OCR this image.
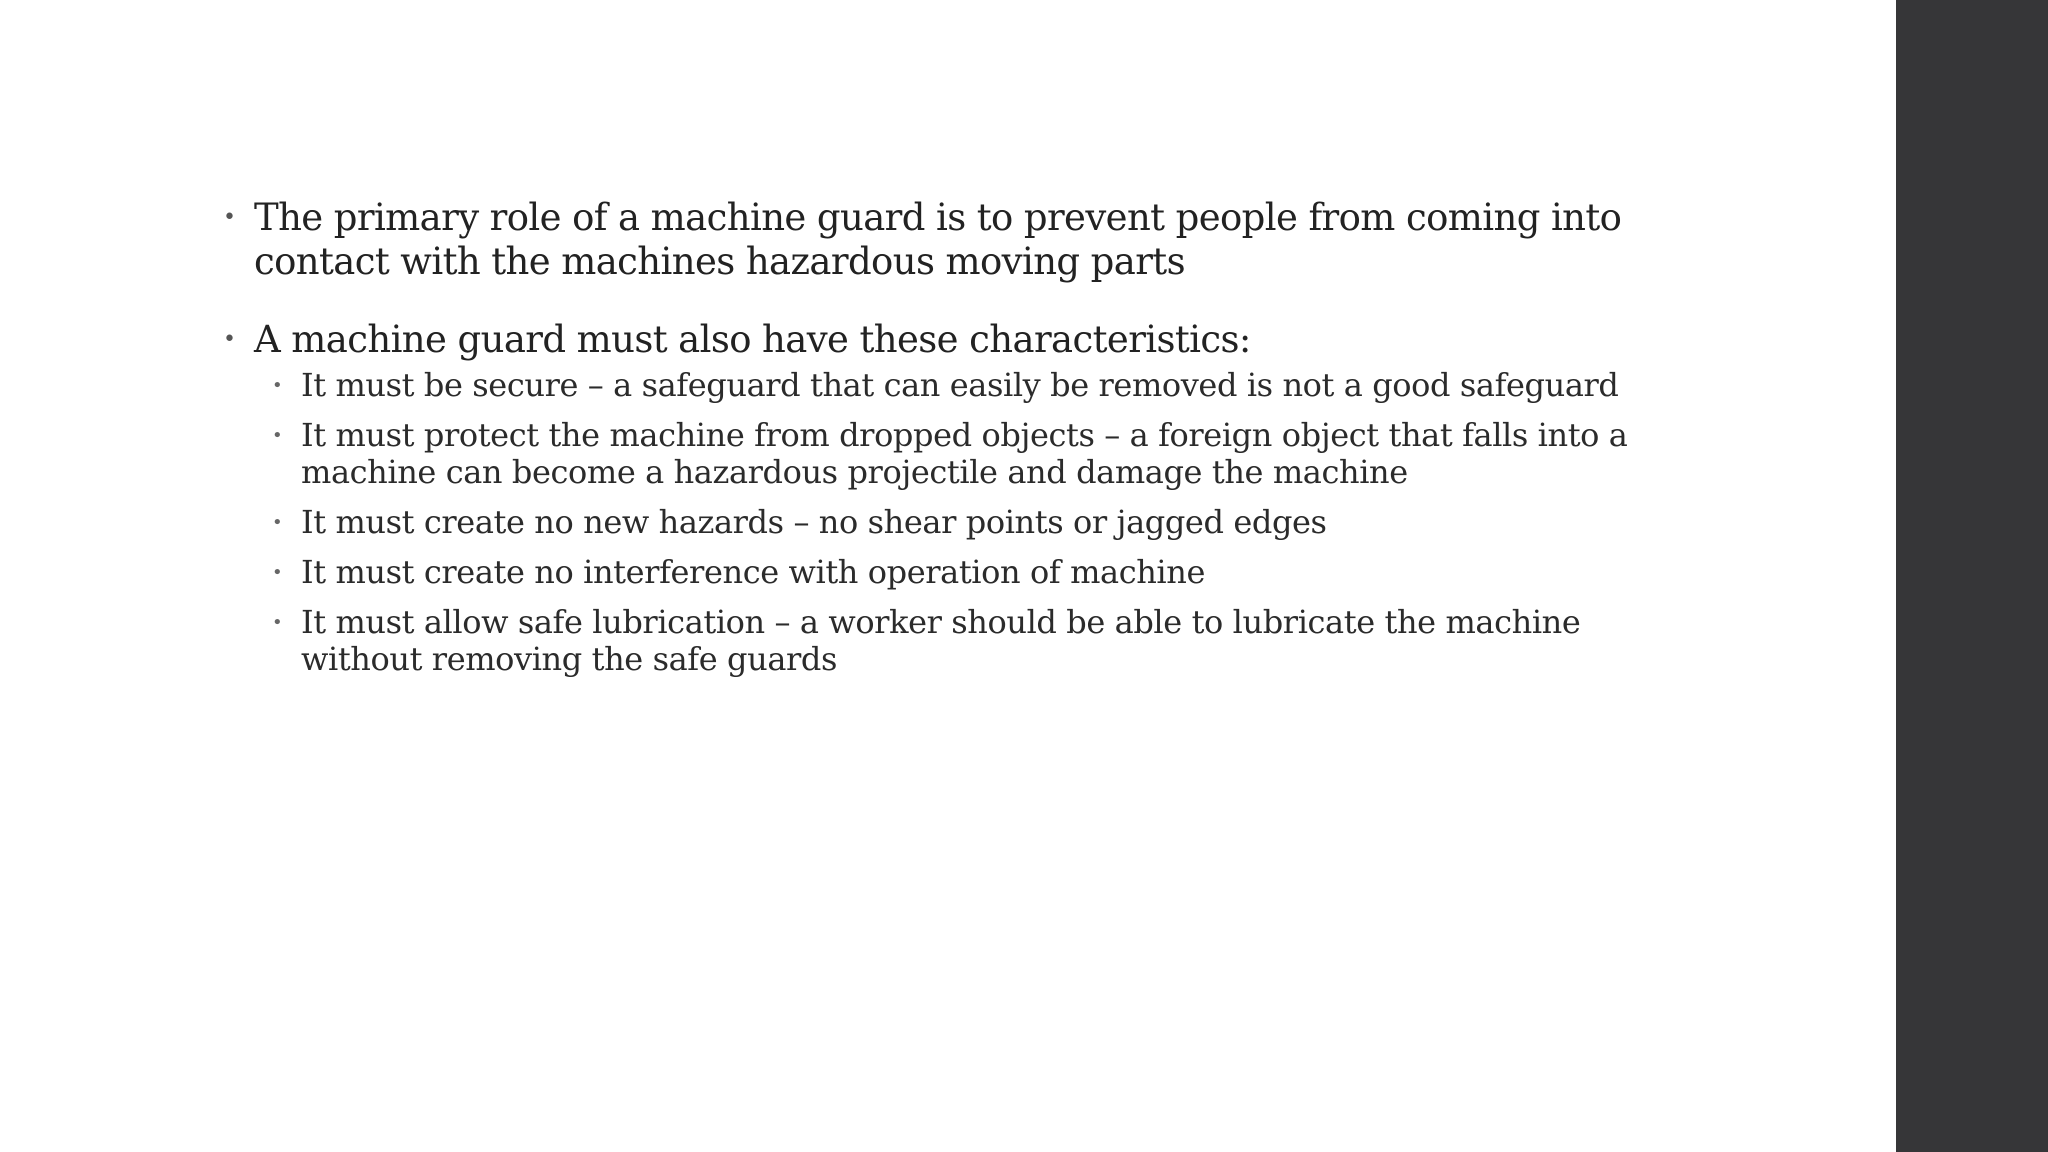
• The primary role of a machine guard is to prevent people from coming into
contact with the machines hazardous moving parts
• A machine guard must also have these characteristics:
• It must be secure – a safeguard that can easily be removed is not a good safeguard
• It must protect the machine from dropped objects – a foreign object that falls into a
machine can become a hazardous projectile and damage the machine
• It must create no new hazards – no shear points or jagged edges
• It must create no interference with operation of machine
• It must allow safe lubrication – a worker should be able to lubricate the machine
without removing the safe guards
